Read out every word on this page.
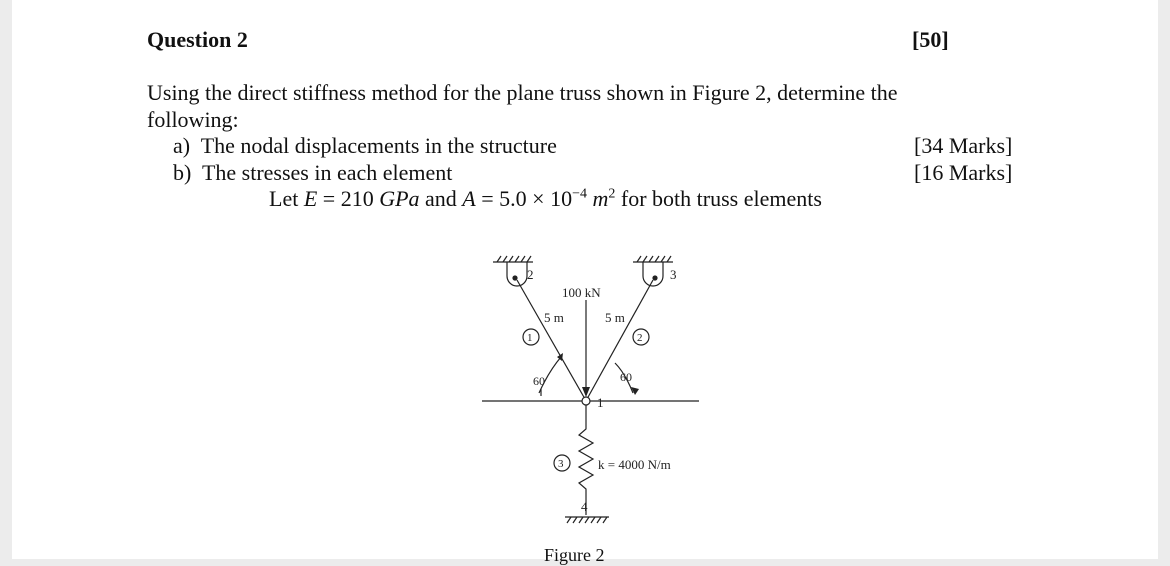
Question 2	[50]
Using the direct stiffness method for the plane truss shown in Figure 2, determine the
following:
a) The nodal displacements in the structure	[34 Marks]
b) The stresses in each element	[16 Marks]
Let E = 210 GPa and $A = 5.0 \times 10^{-4}$ $m^2$ for both truss elements
2	3
1
4
1	2
3
100 kN
5 m	5 m
60	60
k = 4000 N/m
Figure 2
